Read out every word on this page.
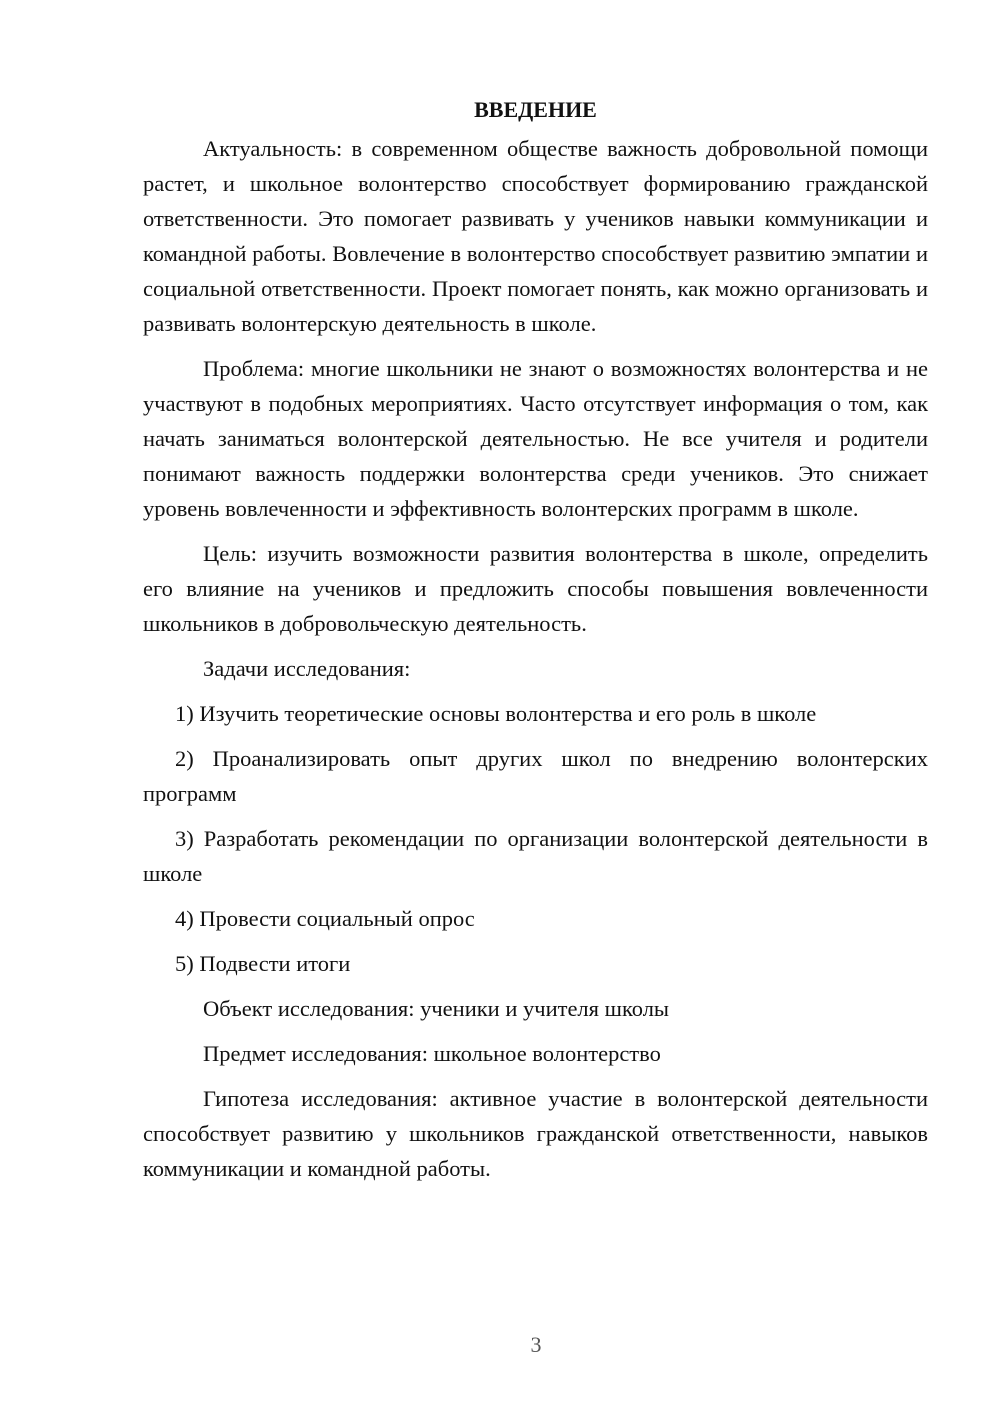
ВВЕДЕНИЕ

Актуальность: в современном обществе важность добровольной помощи растет, и школьное волонтерство способствует формированию гражданской ответственности. Это помогает развивать у учеников навыки коммуникации и командной работы. Вовлечение в волонтерство способствует развитию эмпатии и социальной ответственности. Проект помогает понять, как можно организовать и развивать волонтерскую деятельность в школе.

Проблема: многие школьники не знают о возможностях волонтерства и не участвуют в подобных мероприятиях. Часто отсутствует информация о том, как начать заниматься волонтерской деятельностью. Не все учителя и родители понимают важность поддержки волонтерства среди учеников. Это снижает уровень вовлеченности и эффективность волонтерских программ в школе.

Цель: изучить возможности развития волонтерства в школе, определить его влияние на учеников и предложить способы повышения вовлеченности школьников в добровольческую деятельность.

Задачи исследования:

1) Изучить теоретические основы волонтерства и его роль в школе

2) Проанализировать опыт других школ по внедрению волонтерских программ

3) Разработать рекомендации по организации волонтерской деятельности в школе

4) Провести социальный опрос

5) Подвести итоги

Объект исследования: ученики и учителя школы

Предмет исследования: школьное волонтерство

Гипотеза исследования: активное участие в волонтерской деятельности способствует развитию у школьников гражданской ответственности, навыков коммуникации и командной работы.

3
